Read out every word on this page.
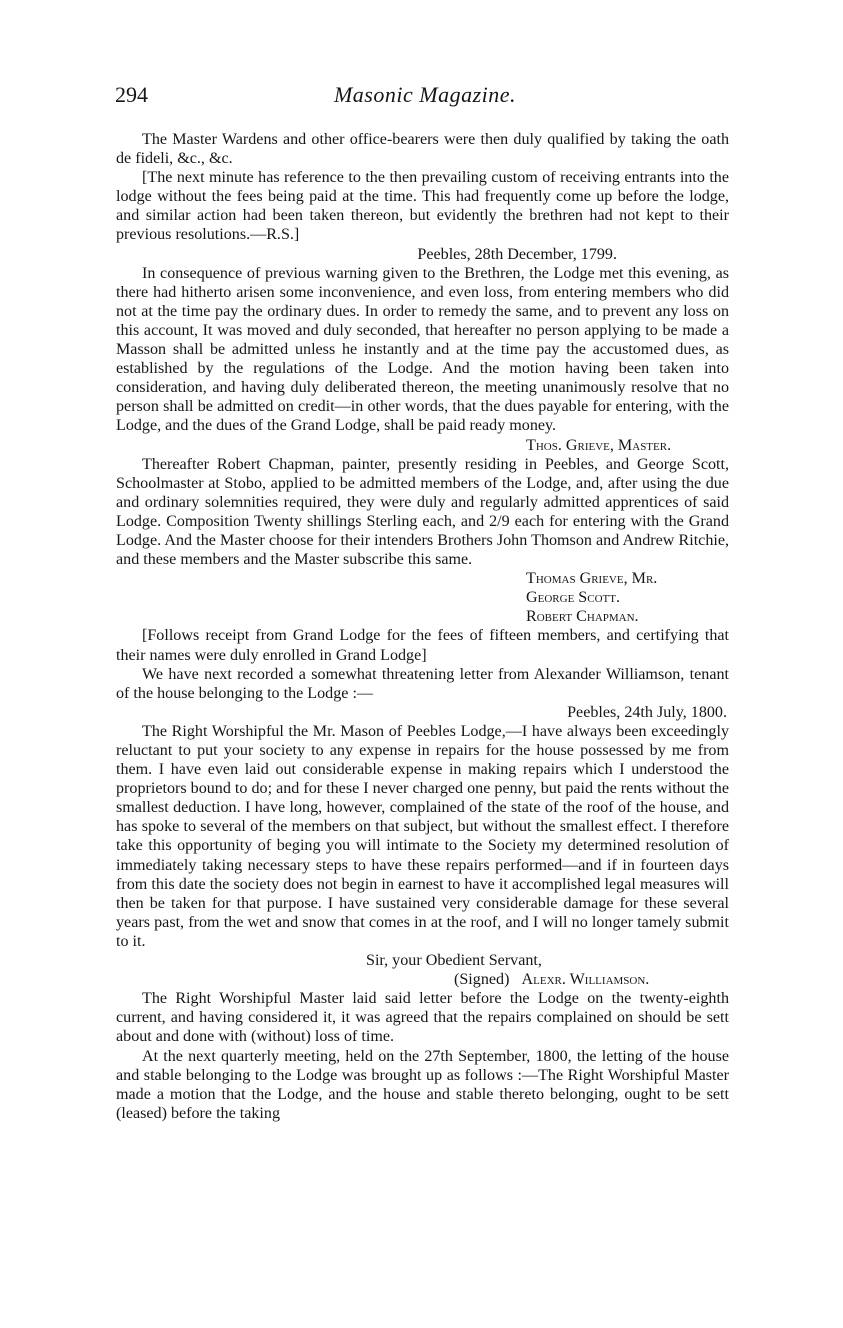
294	Masonic Magazine.

The Master Wardens and other office-bearers were then duly qualified by taking the oath de fideli, &c., &c.

[The next minute has reference to the then prevailing custom of receiving entrants into the lodge without the fees being paid at the time. This had frequently come up before the lodge, and similar action had been taken thereon, but evidently the brethren had not kept to their previous resolutions.—R.S.]

Peebles, 28th December, 1799.

In consequence of previous warning given to the Brethren, the Lodge met this evening, as there had hitherto arisen some inconvenience, and even loss, from entering members who did not at the time pay the ordinary dues. In order to remedy the same, and to prevent any loss on this account, It was moved and duly seconded, that hereafter no person applying to be made a Masson shall be admitted unless he instantly and at the time pay the accustomed dues, as established by the regulations of the Lodge. And the motion having been taken into consideration, and having duly deliberated thereon, the meeting unanimously resolve that no person shall be admitted on credit—in other words, that the dues payable for entering, with the Lodge, and the dues of the Grand Lodge, shall be paid ready money.

Thos. Grieve, Master.

Thereafter Robert Chapman, painter, presently residing in Peebles, and George Scott, Schoolmaster at Stobo, applied to be admitted members of the Lodge, and, after using the due and ordinary solemnities required, they were duly and regularly admitted apprentices of said Lodge. Composition Twenty shillings Sterling each, and 2/9 each for entering with the Grand Lodge. And the Master choose for their intenders Brothers John Thomson and Andrew Ritchie, and these members and the Master subscribe this same.

Thomas Grieve, Mr.

George Scott.

Robert Chapman.

[Follows receipt from Grand Lodge for the fees of fifteen members, and certifying that their names were duly enrolled in Grand Lodge]

We have next recorded a somewhat threatening letter from Alexander Williamson, tenant of the house belonging to the Lodge :—

Peebles, 24th July, 1800.

The Right Worshipful the Mr. Mason of Peebles Lodge,—I have always been exceedingly reluctant to put your society to any expense in repairs for the house possessed by me from them. I have even laid out considerable expense in making repairs which I understood the proprietors bound to do; and for these I never charged one penny, but paid the rents without the smallest deduction. I have long, however, complained of the state of the roof of the house, and has spoke to several of the members on that subject, but without the smallest effect. I therefore take this opportunity of beging you will intimate to the Society my determined resolution of immediately taking necessary steps to have these repairs performed—and if in fourteen days from this date the society does not begin in earnest to have it accomplished legal measures will then be taken for that purpose. I have sustained very considerable damage for these several years past, from the wet and snow that comes in at the roof, and I will no longer tamely submit to it.

Sir, your Obedient Servant,

(Signed) Alexr. Williamson.

The Right Worshipful Master laid said letter before the Lodge on the twenty-eighth current, and having considered it, it was agreed that the repairs complained on should be sett about and done with (without) loss of time.

At the next quarterly meeting, held on the 27th September, 1800, the letting of the house and stable belonging to the Lodge was brought up as follows :—The Right Worshipful Master made a motion that the Lodge, and the house and stable thereto belonging, ought to be sett (leased) before the taking
